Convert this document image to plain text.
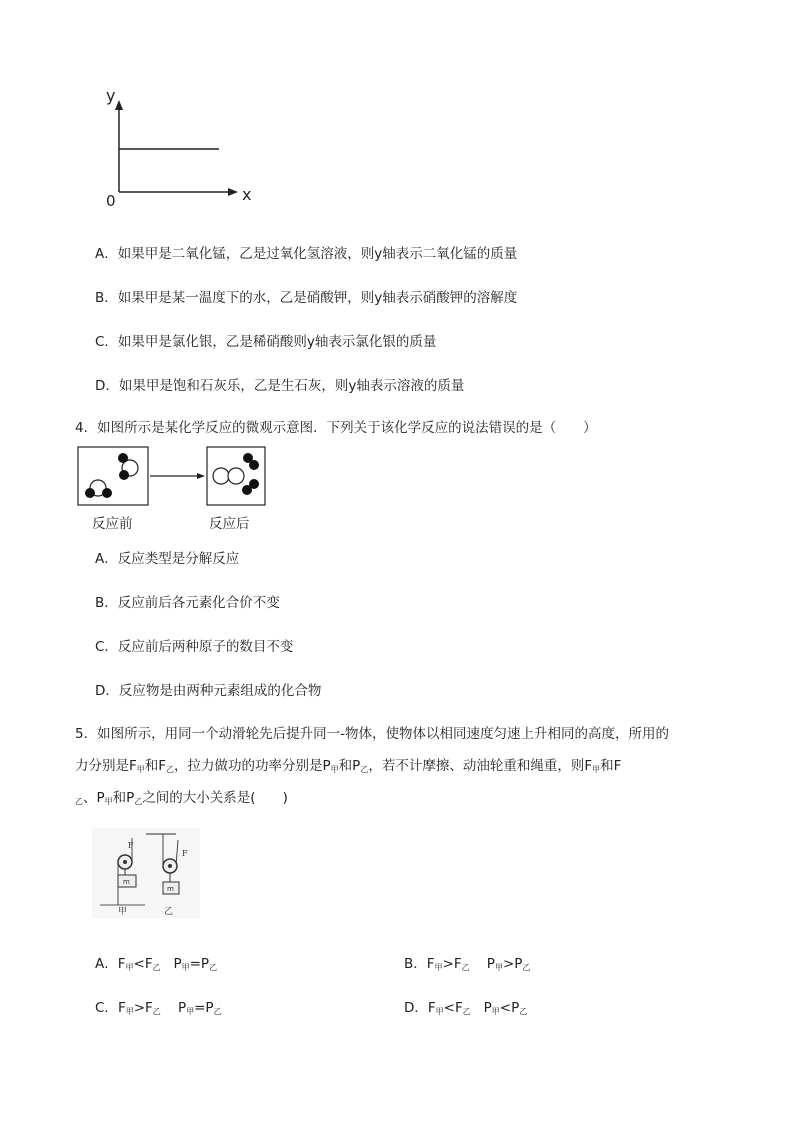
y
x
0
A．如果甲是二氧化锰，乙是过氧化氢溶液，则y轴表示二氧化锰的质量
B．如果甲是某一温度下的水，乙是硝酸钾，则y轴表示硝酸钾的溶解度
C．如果甲是氯化银，乙是稀硝酸则y轴表示氯化银的质量
D．如果甲是饱和石灰乐，乙是生石灰，则y轴表示溶液的质量
4．如图所示是某化学反应的微观示意图．下列关于该化学反应的说法错误的是（　　）
反应前	反应后
A．反应类型是分解反应
B．反应前后各元素化合价不变
C．反应前后两种原子的数目不变
D．反应物是由两种元素组成的化合物
5．如图所示，用同一个动滑轮先后提升同一-物体，使物体以相同速度匀速上升相同的高度，所用的
力分别是F甲和F乙，拉力做功的功率分别是P甲和P乙，若不计摩擦、动油轮重和绳重，则F甲和F
乙、P甲和P乙之间的大小关系是(　　)
F
F
m
m
甲	乙
A．F甲<F乙 P甲=P乙	B．F甲>F乙 P甲>P乙
C．F甲>F乙 P甲=P乙	D．F甲<F乙 P甲<P乙
